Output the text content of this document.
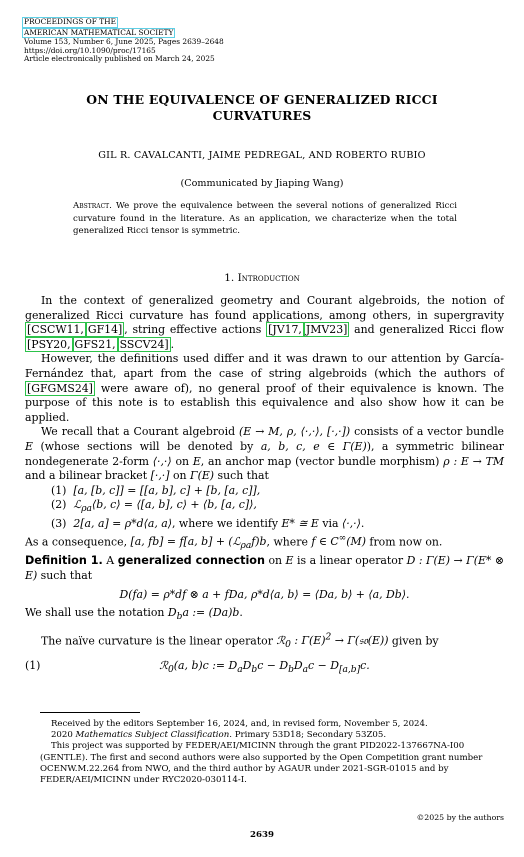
PROCEEDINGS OF THE
AMERICAN MATHEMATICAL SOCIETY
Volume 153, Number 6, June 2025, Pages 2639–2648
https://doi.org/10.1090/proc/17165
Article electronically published on March 24, 2025
ON THE EQUIVALENCE OF GENERALIZED RICCI
CURVATURES
GIL R. CAVALCANTI, JAIME PEDREGAL, AND ROBERTO RUBIO
(Communicated by Jiaping Wang)
Abstract. We prove the equivalence between the several notions of generalized Ricci curvature found in the literature. As an application, we characterize when the total generalized Ricci tensor is symmetric.
1. Introduction

In the context of generalized geometry and Courant algebroids, the notion of generalized Ricci curvature has found applications, among others, in supergravity [CSCW11, GF14] , string effective actions [JV17, JMV23] and generalized Ricci flow [PSY20, GFS21, SSCV24] .

However, the definitions used differ and it was drawn to our attention by García-Fernández that, apart from the case of string algebroids (which the authors of [GFGMS24] were aware of), no general proof of their equivalence is known. The purpose of this note is to establish this equivalence and also show how it can be applied.

We recall that a Courant algebroid (E → M, ρ, ⟨·,·⟩, [·,·]) consists of a vector bundle E (whose sections will be denoted by a, b, c, e ∈ Γ(E)), a symmetric bilinear nondegenerate 2-form ⟨·,·⟩ on E, an anchor map (vector bundle morphism) ρ : E → TM and a bilinear bracket [·,·] on Γ(E) such that

(1) [a, [b, c]] = [[a, b], c] + [b, [a, c]],
(2) ℒ$_{\rho a}$⟨b, c⟩ = ⟨[a, b], c⟩ + ⟨b, [a, c]⟩,
(3) 2[a, a] = ρ*d⟨a, a⟩, where we identify E* ≅ E via ⟨·,·⟩.

As a consequence, [a, fb] = f[a, b] + (ℒ$_{\rho a}$f)b, where f ∈ C∞(M) from now on.

Definition 1. A generalized connection on E is a linear operator D : Γ(E) → Γ(E* ⊗ E) such that

D(fa) = ρ*df ⊗ a + fDa, ρ*d⟨a, b⟩ = ⟨Da, b⟩ + ⟨a, Db⟩.

We shall use the notation $D_ba$ := (Da)b.

The naïve curvature is the linear operator ℛ$_0$ : $\Gamma(E)^2$ → Γ(𝔰𝔬(E)) given by

(1)	ℛ$_0$(a, b)c := $D_aD_bc - D_bD_ac - D_{[a,b]}c$.

Received by the editors September 16, 2024, and, in revised form, November 5, 2024.

2020 Mathematics Subject Classification. Primary 53D18; Secondary 53Z05.

This project was supported by FEDER/AEI/MICINN through the grant PID2022-137667NA-I00 (GENTLE). The first and second authors were also supported by the Open Competition grant number OCENW.M.22.264 from NWO, and the third author by AGAUR under 2021-SGR-01015 and by FEDER/AEI/MICINN under RYC2020-030114-I.

©2025 by the authors
2639
